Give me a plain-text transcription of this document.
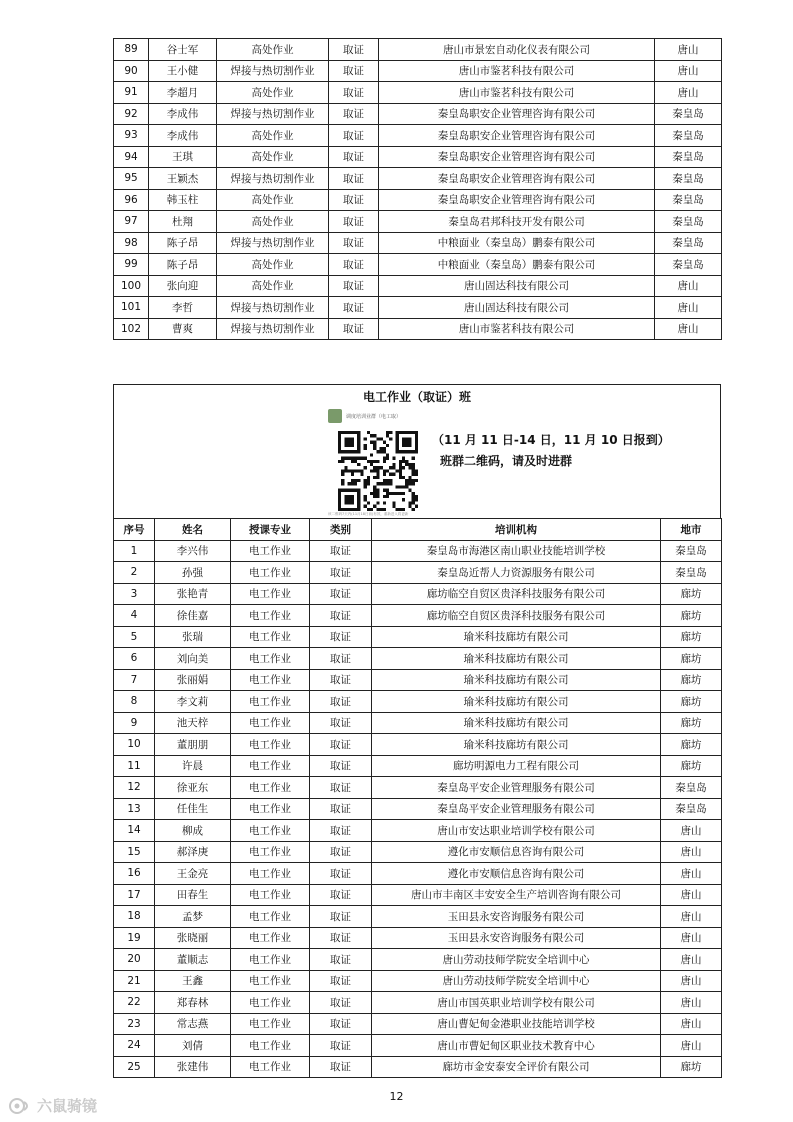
89	谷士军	高处作业	取证	唐山市景宏自动化仪表有限公司	唐山
90	王小健	焊接与热切割作业	取证	唐山市鉴茗科技有限公司	唐山
91	李超月	高处作业	取证	唐山市鉴茗科技有限公司	唐山
92	李成伟	焊接与热切割作业	取证	秦皇岛职安企业管理咨询有限公司	秦皇岛
93	李成伟	高处作业	取证	秦皇岛职安企业管理咨询有限公司	秦皇岛
94	王琪	高处作业	取证	秦皇岛职安企业管理咨询有限公司	秦皇岛
95	王颖杰	焊接与热切割作业	取证	秦皇岛职安企业管理咨询有限公司	秦皇岛
96	韩玉柱	高处作业	取证	秦皇岛职安企业管理咨询有限公司	秦皇岛
97	杜翔	高处作业	取证	秦皇岛君邦科技开发有限公司	秦皇岛
98	陈子昂	焊接与热切割作业	取证	中粮面业（秦皇岛）鹏泰有限公司	秦皇岛
99	陈子昂	高处作业	取证	中粮面业（秦皇岛）鹏泰有限公司	秦皇岛
100	张向迎	高处作业	取证	唐山固达科技有限公司	唐山
101	李哲	焊接与热切割作业	取证	唐山固达科技有限公司	唐山
102	曹爽	焊接与热切割作业	取证	唐山市鉴茗科技有限公司	唐山
电工作业（取证）班
调度培训业群（电工取）
该二维码7天内(11月18日前)有效，重新进入将更新
（11 月 11 日-14 日，11 月 10 日报到）
班群二维码，请及时进群
序号	姓名	授课专业	类别	培训机构	地市
1	李兴伟	电工作业	取证	秦皇岛市海港区南山职业技能培训学校	秦皇岛
2	孙强	电工作业	取证	秦皇岛近帮人力资源服务有限公司	秦皇岛
3	张艳青	电工作业	取证	廊坊临空自贸区贵泽科技服务有限公司	廊坊
4	徐佳嘉	电工作业	取证	廊坊临空自贸区贵泽科技服务有限公司	廊坊
5	张瑞	电工作业	取证	瑜米科技廊坊有限公司	廊坊
6	刘向美	电工作业	取证	瑜米科技廊坊有限公司	廊坊
7	张丽娟	电工作业	取证	瑜米科技廊坊有限公司	廊坊
8	李文莉	电工作业	取证	瑜米科技廊坊有限公司	廊坊
9	池天梓	电工作业	取证	瑜米科技廊坊有限公司	廊坊
10	董朋朋	电工作业	取证	瑜米科技廊坊有限公司	廊坊
11	许晨	电工作业	取证	廊坊明源电力工程有限公司	廊坊
12	徐亚东	电工作业	取证	秦皇岛平安企业管理服务有限公司	秦皇岛
13	任佳生	电工作业	取证	秦皇岛平安企业管理服务有限公司	秦皇岛
14	柳成	电工作业	取证	唐山市安达职业培训学校有限公司	唐山
15	郝泽庚	电工作业	取证	遵化市安顺信息咨询有限公司	唐山
16	王金亮	电工作业	取证	遵化市安顺信息咨询有限公司	唐山
17	田春生	电工作业	取证	唐山市丰南区丰安安全生产培训咨询有限公司	唐山
18	孟梦	电工作业	取证	玉田县永安咨询服务有限公司	唐山
19	张晓丽	电工作业	取证	玉田县永安咨询服务有限公司	唐山
20	董顺志	电工作业	取证	唐山劳动技师学院安全培训中心	唐山
21	王鑫	电工作业	取证	唐山劳动技师学院安全培训中心	唐山
22	郑春林	电工作业	取证	唐山市国英职业培训学校有限公司	唐山
23	常志燕	电工作业	取证	唐山曹妃甸金港职业技能培训学校	唐山
24	刘倩	电工作业	取证	唐山市曹妃甸区职业技术教育中心	唐山
25	张建伟	电工作业	取证	廊坊市金安泰安全评价有限公司	廊坊
12
六鼠骑镜
